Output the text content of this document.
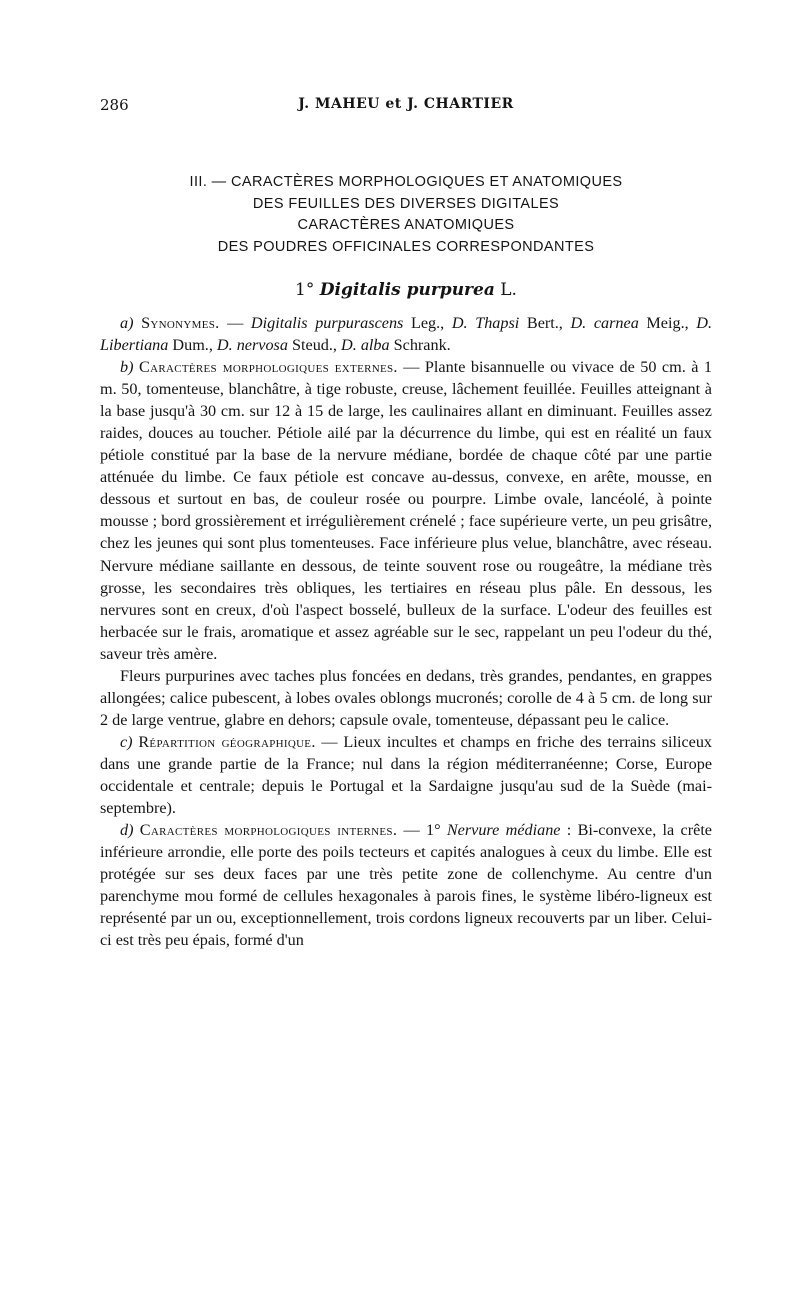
286	J. MAHEU et J. CHARTIER
III. — CARACTÈRES MORPHOLOGIQUES ET ANATOMIQUES
DES FEUILLES DES DIVERSES DIGITALES
CARACTÈRES ANATOMIQUES
DES POUDRES OFFICINALES CORRESPONDANTES
1° Digitalis purpurea L.

a) Synonymes. — Digitalis purpurascens Leg., D. Thapsi Bert., D. carnea Meig., D. Libertiana Dum., D. nervosa Steud., D. alba Schrank.

b) Caractères morphologiques externes. — Plante bisannuelle ou vivace de 50 cm. à 1 m. 50, tomenteuse, blanchâtre, à tige robuste, creuse, lâchement feuillée. Feuilles atteignant à la base jusqu'à 30 cm. sur 12 à 15 de large, les caulinaires allant en diminuant. Feuilles assez raides, douces au toucher. Pétiole ailé par la décurrence du limbe, qui est en réalité un faux pétiole constitué par la base de la nervure médiane, bordée de chaque côté par une partie atténuée du limbe. Ce faux pétiole est concave au-dessus, convexe, en arête, mousse, en dessous et surtout en bas, de couleur rosée ou pourpre. Limbe ovale, lancéolé, à pointe mousse ; bord grossièrement et irrégulièrement crénelé ; face supérieure verte, un peu grisâtre, chez les jeunes qui sont plus tomenteuses. Face inférieure plus velue, blanchâtre, avec réseau. Nervure médiane saillante en dessous, de teinte souvent rose ou rougeâtre, la médiane très grosse, les secondaires très obliques, les tertiaires en réseau plus pâle. En dessous, les nervures sont en creux, d'où l'aspect bosselé, bulleux de la surface. L'odeur des feuilles est herbacée sur le frais, aromatique et assez agréable sur le sec, rappelant un peu l'odeur du thé, saveur très amère.

Fleurs purpurines avec taches plus foncées en dedans, très grandes, pendantes, en grappes allongées; calice pubescent, à lobes ovales oblongs mucronés; corolle de 4 à 5 cm. de long sur 2 de large ventrue, glabre en dehors; capsule ovale, tomenteuse, dépassant peu le calice.

c) Répartition géographique. — Lieux incultes et champs en friche des terrains siliceux dans une grande partie de la France; nul dans la région méditerranéenne; Corse, Europe occidentale et centrale; depuis le Portugal et la Sardaigne jusqu'au sud de la Suède (mai-septembre).

d) Caractères morphologiques internes. — 1° Nervure médiane : Bi-convexe, la crête inférieure arrondie, elle porte des poils tecteurs et capités analogues à ceux du limbe. Elle est protégée sur ses deux faces par une très petite zone de collenchyme. Au centre d'un parenchyme mou formé de cellules hexagonales à parois fines, le système libéro-ligneux est représenté par un ou, exceptionnellement, trois cordons ligneux recouverts par un liber. Celui-ci est très peu épais, formé d'un
